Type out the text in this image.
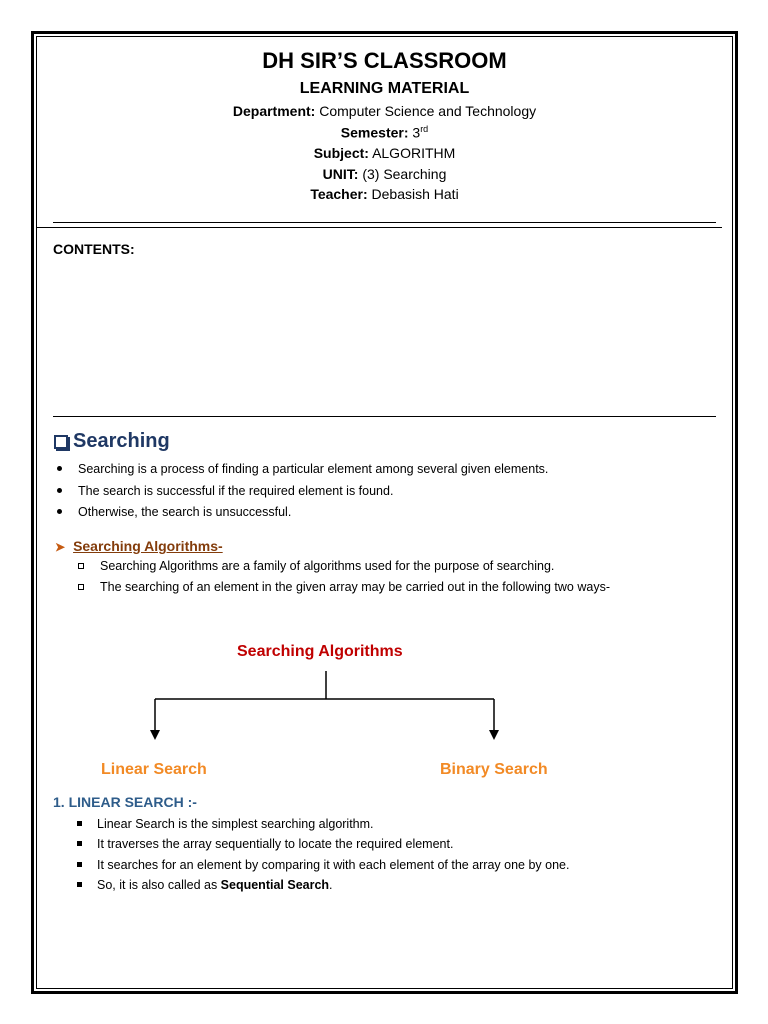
DH SIR’S CLASSROOM
LEARNING MATERIAL
Department: Computer Science and Technology
Semester: 3rd
Subject: ALGORITHM
UNIT: (3) Searching
Teacher: Debasish Hati
CONTENTS:
Searching
Searching is a process of finding a particular element among several given elements.
The search is successful if the required element is found.
Otherwise, the search is unsuccessful.
➤ Searching Algorithms-
Searching Algorithms are a family of algorithms used for the purpose of searching.
The searching of an element in the given array may be carried out in the following two ways-
Searching Algorithms
Linear Search	Binary Search
1. LINEAR SEARCH :-
Linear Search is the simplest searching algorithm.
It traverses the array sequentially to locate the required element.
It searches for an element by comparing it with each element of the array one by one.
So, it is also called as Sequential Search.
